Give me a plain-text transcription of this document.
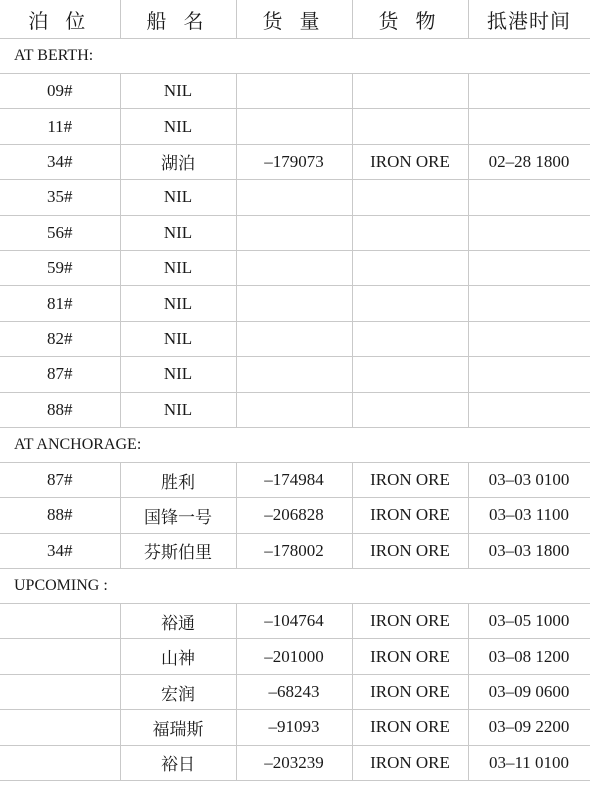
泊 位	船 名	货 量	货 物	抵港时间
AT BERTH:				
09#	NIL			
11#	NIL			
34#	湖泊	–179073	IRON ORE	02–28 1800
35#	NIL			
56#	NIL			
59#	NIL			
81#	NIL			
82#	NIL			
87#	NIL			
88#	NIL			
AT ANCHORAGE:				
87#	胜利	–174984	IRON ORE	03–03 0100
88#	国锋一号	–206828	IRON ORE	03–03 1100
34#	芬斯伯里	–178002	IRON ORE	03–03 1800
UPCOMING :				
	裕通	–104764	IRON ORE	03–05 1000
	山神	–201000	IRON ORE	03–08 1200
	宏润	–68243	IRON ORE	03–09 0600
	福瑞斯	–91093	IRON ORE	03–09 2200
	裕日	–203239	IRON ORE	03–11 0100
